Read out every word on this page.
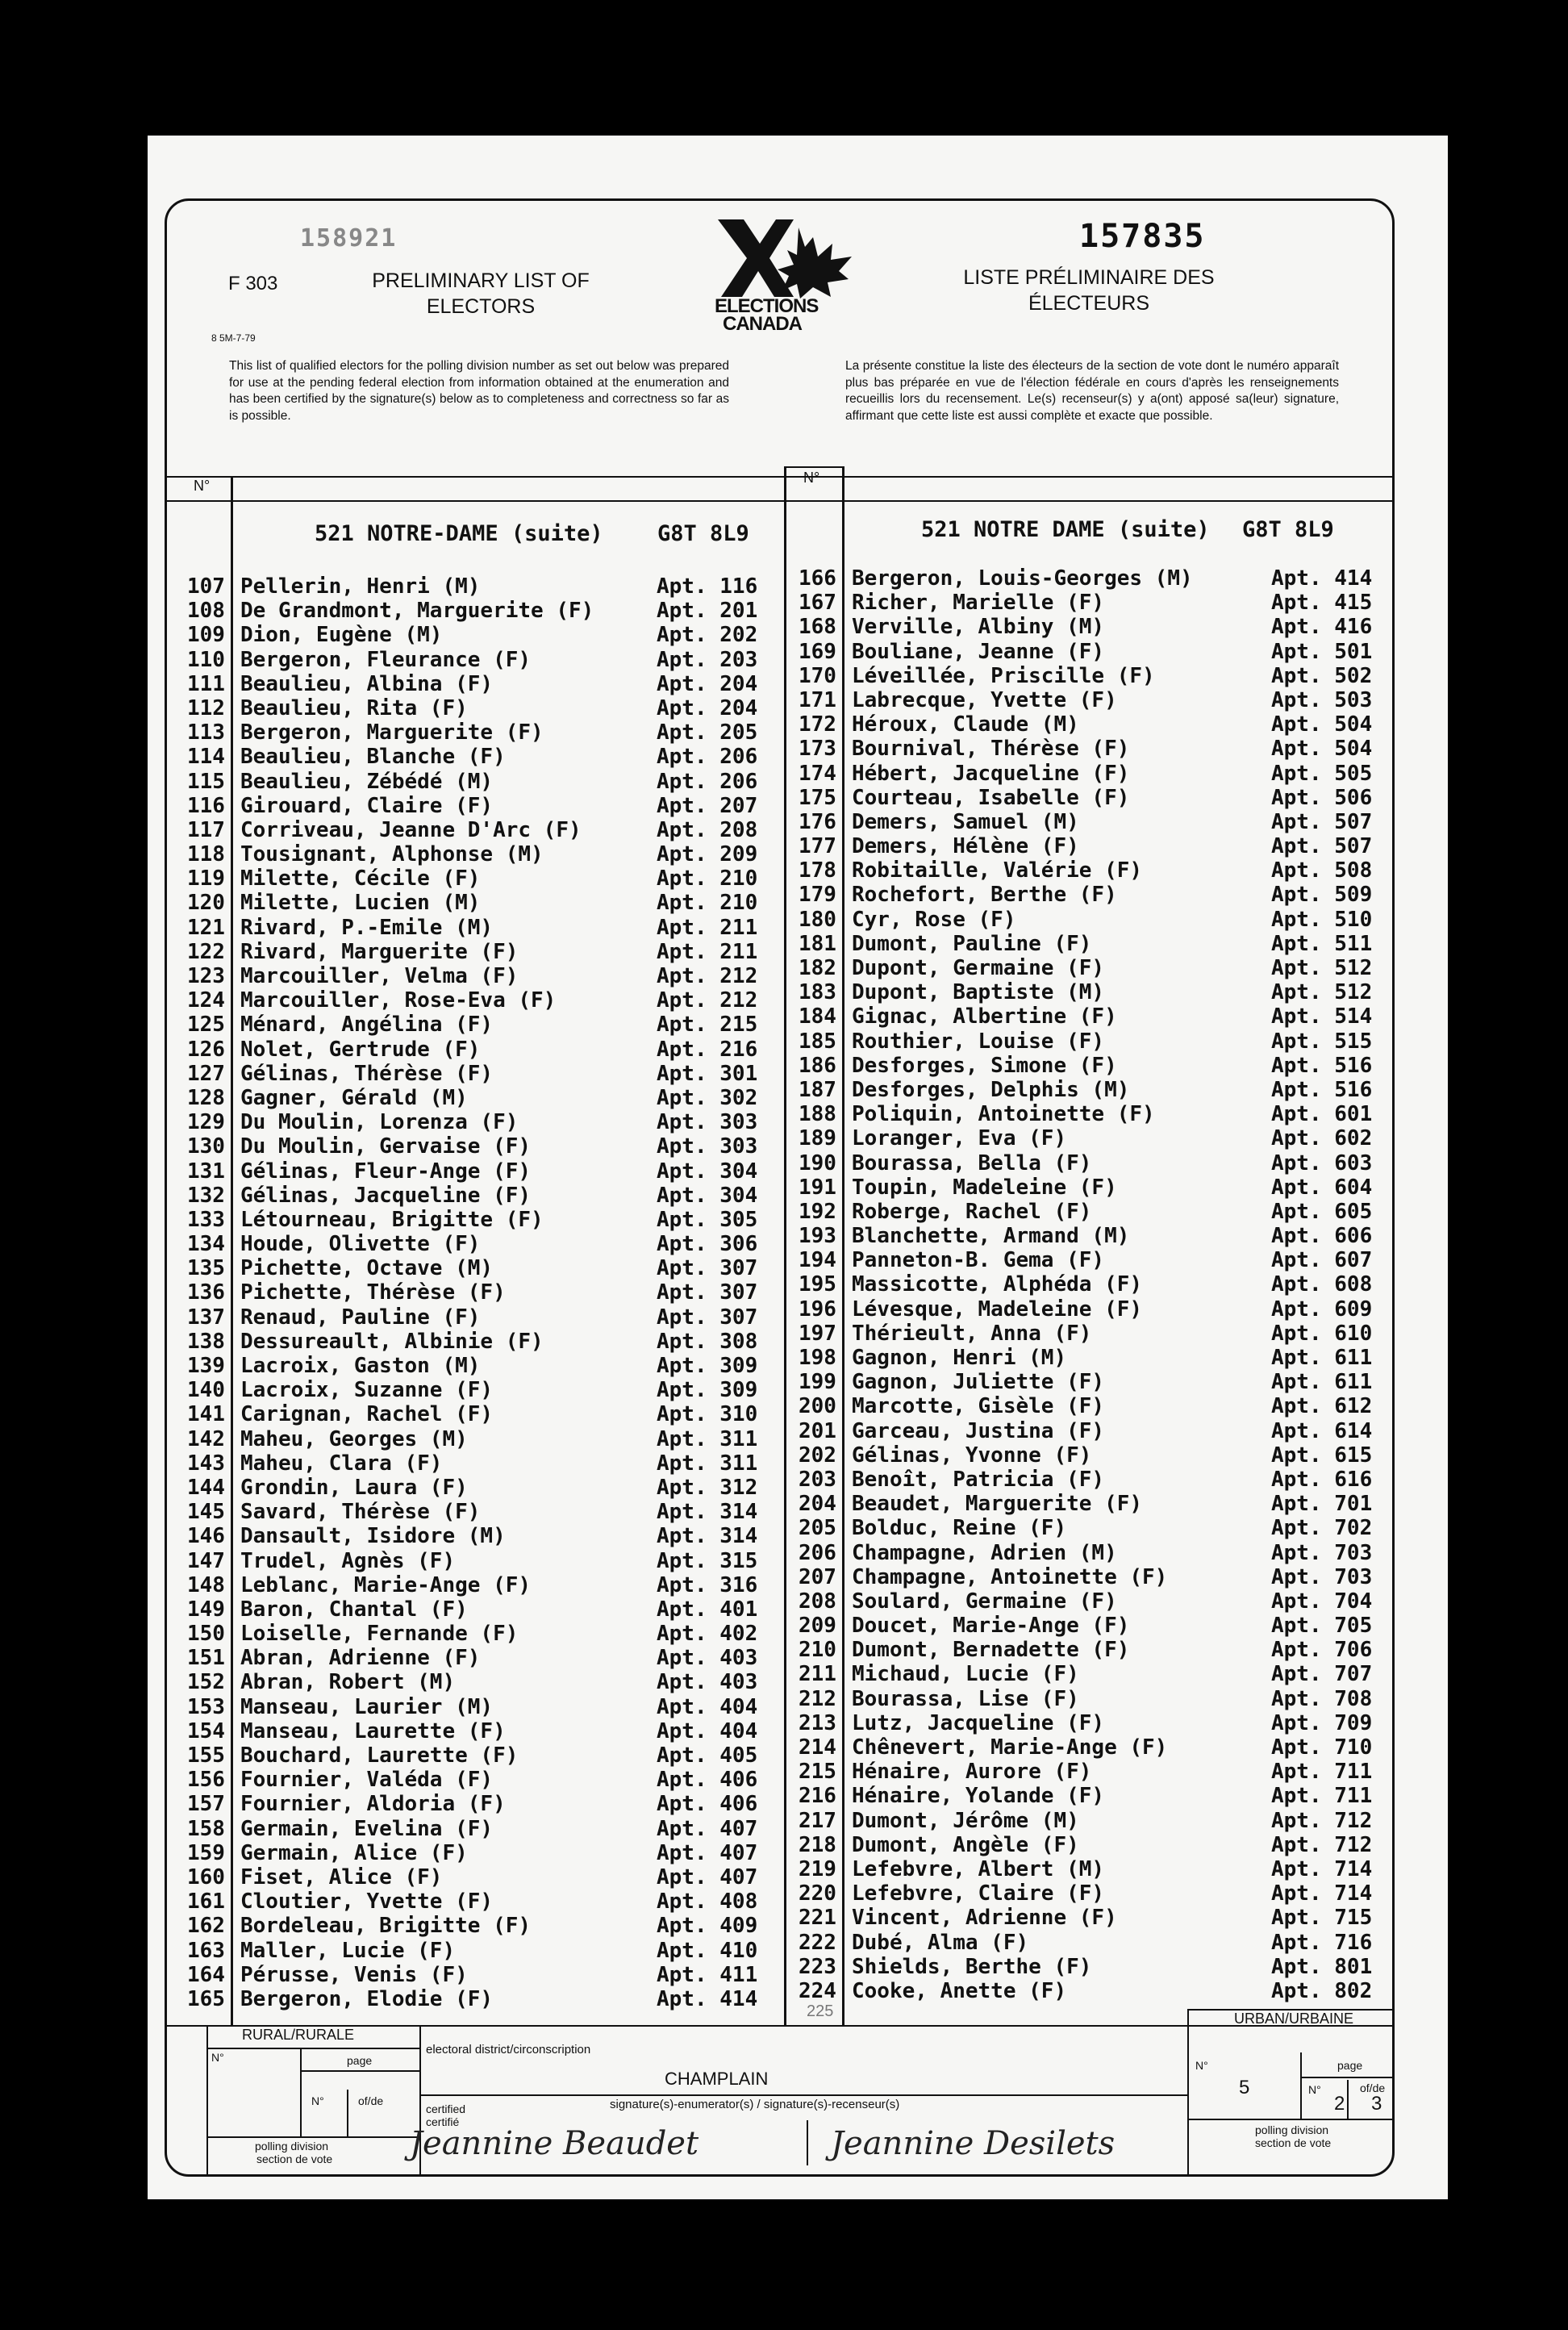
158921	157835
F 303
8 5M-7-79
PRELIMINARY LIST OF
ELECTORS	ELECTIONS
CANADA
LISTE PRÉLIMINAIRE DES
ÉLECTEURS
This list of qualified electors for the polling division number as set out below was prepared for use at the pending federal election from information obtained at the enumeration and has been certified by the signature(s) below as to completeness and correctness so far as is possible.
La présente constitue la liste des électeurs de la section de vote dont le numéro apparaît plus bas préparée en vue de l'élection fédérale en cours d'après les renseignements recueillis lors du recensement. Le(s) recenseur(s) y a(ont) apposé sa(leur) signature, affirmant que cette liste est aussi complète et exacte que possible.
N°	N°
521 NOTRE-DAME (suite) G8T 8L9	521 NOTRE DAME (suite) G8T 8L9
107 Pellerin, Henri (M)	Apt. 116
108 De Grandmont, Marguerite (F)	Apt. 201
109 Dion, Eugène (M)	Apt. 202
110 Bergeron, Fleurance (F)	Apt. 203
111 Beaulieu, Albina (F)	Apt. 204
112 Beaulieu, Rita (F)	Apt. 204
113 Bergeron, Marguerite (F)	Apt. 205
114 Beaulieu, Blanche (F)	Apt. 206
115 Beaulieu, Zébédé (M)	Apt. 206
116 Girouard, Claire (F)	Apt. 207
117 Corriveau, Jeanne D'Arc (F)	Apt. 208
118 Tousignant, Alphonse (M)	Apt. 209
119 Milette, Cécile (F)	Apt. 210
120 Milette, Lucien (M)	Apt. 210
121 Rivard, P.-Emile (M)	Apt. 211
122 Rivard, Marguerite (F)	Apt. 211
123 Marcouiller, Velma (F)	Apt. 212
124 Marcouiller, Rose-Eva (F)	Apt. 212
125 Ménard, Angélina (F)	Apt. 215
126 Nolet, Gertrude (F)	Apt. 216
127 Gélinas, Thérèse (F)	Apt. 301
128 Gagner, Gérald (M)	Apt. 302
129 Du Moulin, Lorenza (F)	Apt. 303
130 Du Moulin, Gervaise (F)	Apt. 303
131 Gélinas, Fleur-Ange (F)	Apt. 304
132 Gélinas, Jacqueline (F)	Apt. 304
133 Létourneau, Brigitte (F)	Apt. 305
134 Houde, Olivette (F)	Apt. 306
135 Pichette, Octave (M)	Apt. 307
136 Pichette, Thérèse (F)	Apt. 307
137 Renaud, Pauline (F)	Apt. 307
138 Dessureault, Albinie (F)	Apt. 308
139 Lacroix, Gaston (M)	Apt. 309
140 Lacroix, Suzanne (F)	Apt. 309
141 Carignan, Rachel (F)	Apt. 310
142 Maheu, Georges (M)	Apt. 311
143 Maheu, Clara (F)	Apt. 311
144 Grondin, Laura (F)	Apt. 312
145 Savard, Thérèse (F)	Apt. 314
146 Dansault, Isidore (M)	Apt. 314
147 Trudel, Agnès (F)	Apt. 315
148 Leblanc, Marie-Ange (F)	Apt. 316
149 Baron, Chantal (F)	Apt. 401
150 Loiselle, Fernande (F)	Apt. 402
151 Abran, Adrienne (F)	Apt. 403
152 Abran, Robert (M)	Apt. 403
153 Manseau, Laurier (M)	Apt. 404
154 Manseau, Laurette (F)	Apt. 404
155 Bouchard, Laurette (F)	Apt. 405
156 Fournier, Valéda (F)	Apt. 406
157 Fournier, Aldoria (F)	Apt. 406
158 Germain, Evelina (F)	Apt. 407
159 Germain, Alice (F)	Apt. 407
160 Fiset, Alice (F)	Apt. 407
161 Cloutier, Yvette (F)	Apt. 408
162 Bordeleau, Brigitte (F)	Apt. 409
163 Maller, Lucie (F)	Apt. 410
164 Pérusse, Venis (F)	Apt. 411
165 Bergeron, Elodie (F)	Apt. 414
166 Bergeron, Louis-Georges (M)	Apt. 414
167 Richer, Marielle (F)	Apt. 415
168 Verville, Albiny (M)	Apt. 416
169 Bouliane, Jeanne (F)	Apt. 501
170 Léveillée, Priscille (F)	Apt. 502
171 Labrecque, Yvette (F)	Apt. 503
172 Héroux, Claude (M)	Apt. 504
173 Bournival, Thérèse (F)	Apt. 504
174 Hébert, Jacqueline (F)	Apt. 505
175 Courteau, Isabelle (F)	Apt. 506
176 Demers, Samuel (M)	Apt. 507
177 Demers, Hélène (F)	Apt. 507
178 Robitaille, Valérie (F)	Apt. 508
179 Rochefort, Berthe (F)	Apt. 509
180 Cyr, Rose (F)	Apt. 510
181 Dumont, Pauline (F)	Apt. 511
182 Dupont, Germaine (F)	Apt. 512
183 Dupont, Baptiste (M)	Apt. 512
184 Gignac, Albertine (F)	Apt. 514
185 Routhier, Louise (F)	Apt. 515
186 Desforges, Simone (F)	Apt. 516
187 Desforges, Delphis (M)	Apt. 516
188 Poliquin, Antoinette (F)	Apt. 601
189 Loranger, Eva (F)	Apt. 602
190 Bourassa, Bella (F)	Apt. 603
191 Toupin, Madeleine (F)	Apt. 604
192 Roberge, Rachel (F)	Apt. 605
193 Blanchette, Armand (M)	Apt. 606
194 Panneton-B. Gema (F)	Apt. 607
195 Massicotte, Alphéda (F)	Apt. 608
196 Lévesque, Madeleine (F)	Apt. 609
197 Thérieult, Anna (F)	Apt. 610
198 Gagnon, Henri (M)	Apt. 611
199 Gagnon, Juliette (F)	Apt. 611
200 Marcotte, Gisèle (F)	Apt. 612
201 Garceau, Justina (F)	Apt. 614
202 Gélinas, Yvonne (F)	Apt. 615
203 Benoît, Patricia (F)	Apt. 616
204 Beaudet, Marguerite (F)	Apt. 701
205 Bolduc, Reine (F)	Apt. 702
206 Champagne, Adrien (M)	Apt. 703
207 Champagne, Antoinette (F)	Apt. 703
208 Soulard, Germaine (F)	Apt. 704
209 Doucet, Marie-Ange (F)	Apt. 705
210 Dumont, Bernadette (F)	Apt. 706
211 Michaud, Lucie (F)	Apt. 707
212 Bourassa, Lise (F)	Apt. 708
213 Lutz, Jacqueline (F)	Apt. 709
214 Chênevert, Marie-Ange (F)	Apt. 710
215 Hénaire, Aurore (F)	Apt. 711
216 Hénaire, Yolande (F)	Apt. 711
217 Dumont, Jérôme (M)	Apt. 712
218 Dumont, Angèle (F)	Apt. 712
219 Lefebvre, Albert (M)	Apt. 714
220 Lefebvre, Claire (F)	Apt. 714
221 Vincent, Adrienne (F)	Apt. 715
222 Dubé, Alma (F)	Apt. 716
223 Shields, Berthe (F)	Apt. 801
224 Cooke, Anette (F)	Apt. 802
225
RURAL/RURALE
N°	page
N°	of/de
polling division
section de vote
electoral district/circonscription
CHAMPLAIN
certified
certifié
signature(s)-enumerator(s) / signature(s)-recenseur(s)
Jeannine Beaudet	Jeannine Desilets
URBAN/URBAINE
N°
5
page
N°
2
of/de
3
polling division
section de vote
